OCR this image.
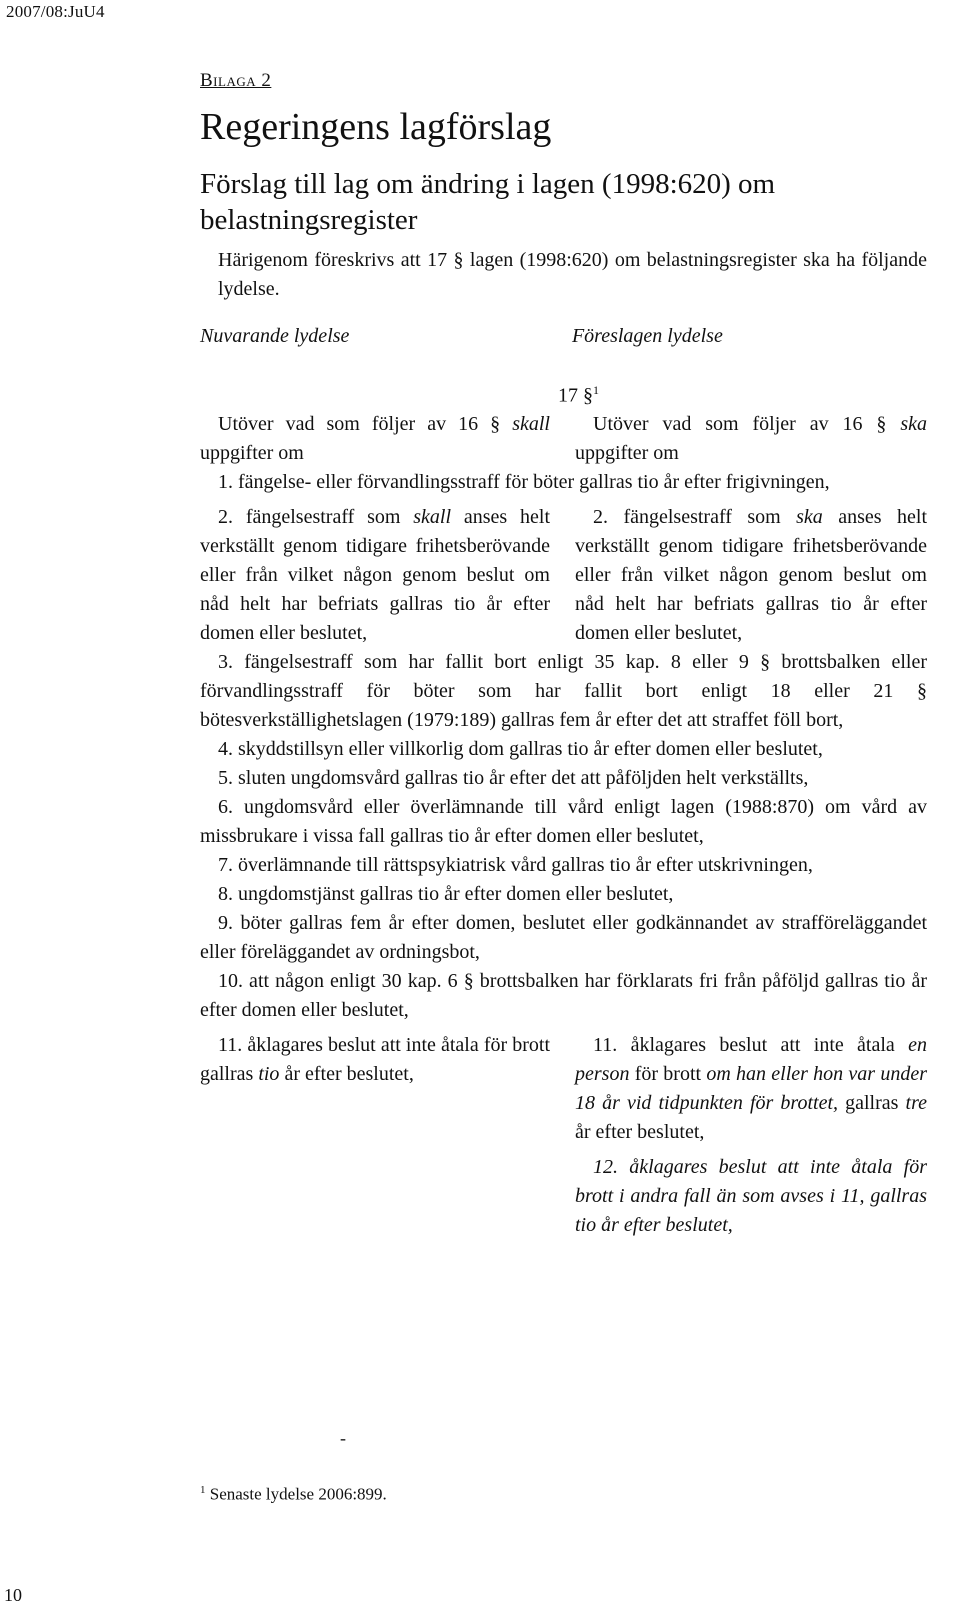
2007/08:JuU4
Bilaga 2
Regeringens lagförslag
Förslag till lag om ändring i lagen (1998:620) om belastningsregister
Härigenom föreskrivs att 17 § lagen (1998:620) om belastningsregister ska ha följande lydelse.
Nuvarande lydelse	Föreslagen lydelse
17 §$^1$
Utöver vad som följer av 16 § skall uppgifter om
Utöver vad som följer av 16 § ska uppgifter om
1. fängelse- eller förvandlingsstraff för böter gallras tio år efter frigivningen,
2. fängelsestraff som skall anses helt verkställt genom tidigare frihetsberövande eller från vilket någon genom beslut om nåd helt har befriats gallras tio år efter domen eller beslutet,
2. fängelsestraff som ska anses helt verkställt genom tidigare frihetsberövande eller från vilket någon genom beslut om nåd helt har befriats gallras tio år efter domen eller beslutet,
3. fängelsestraff som har fallit bort enligt 35 kap. 8 eller 9 § brottsbalken eller förvandlingsstraff för böter som har fallit bort enligt 18 eller 21 § bötesverkställighetslagen (1979:189) gallras fem år efter det att straffet föll bort,
4. skyddstillsyn eller villkorlig dom gallras tio år efter domen eller beslutet,
5. sluten ungdomsvård gallras tio år efter det att påföljden helt verkställts,
6. ungdomsvård eller överlämnande till vård enligt lagen (1988:870) om vård av missbrukare i vissa fall gallras tio år efter domen eller beslutet,
7. överlämnande till rättspsykiatrisk vård gallras tio år efter utskrivningen,
8. ungdomstjänst gallras tio år efter domen eller beslutet,
9. böter gallras fem år efter domen, beslutet eller godkännandet av strafföreläggandet eller föreläggandet av ordningsbot,
10. att någon enligt 30 kap. 6 § brottsbalken har förklarats fri från påföljd gallras tio år efter domen eller beslutet,
11. åklagares beslut att inte åtala för brott gallras tio år efter beslutet,
11. åklagares beslut att inte åtala en person för brott om han eller hon var under 18 år vid tidpunkten för brottet, gallras tre år efter beslutet,
12. åklagares beslut att inte åtala för brott i andra fall än som avses i 11, gallras tio år efter beslutet,
-
$^1$ Senaste lydelse 2006:899.
10
